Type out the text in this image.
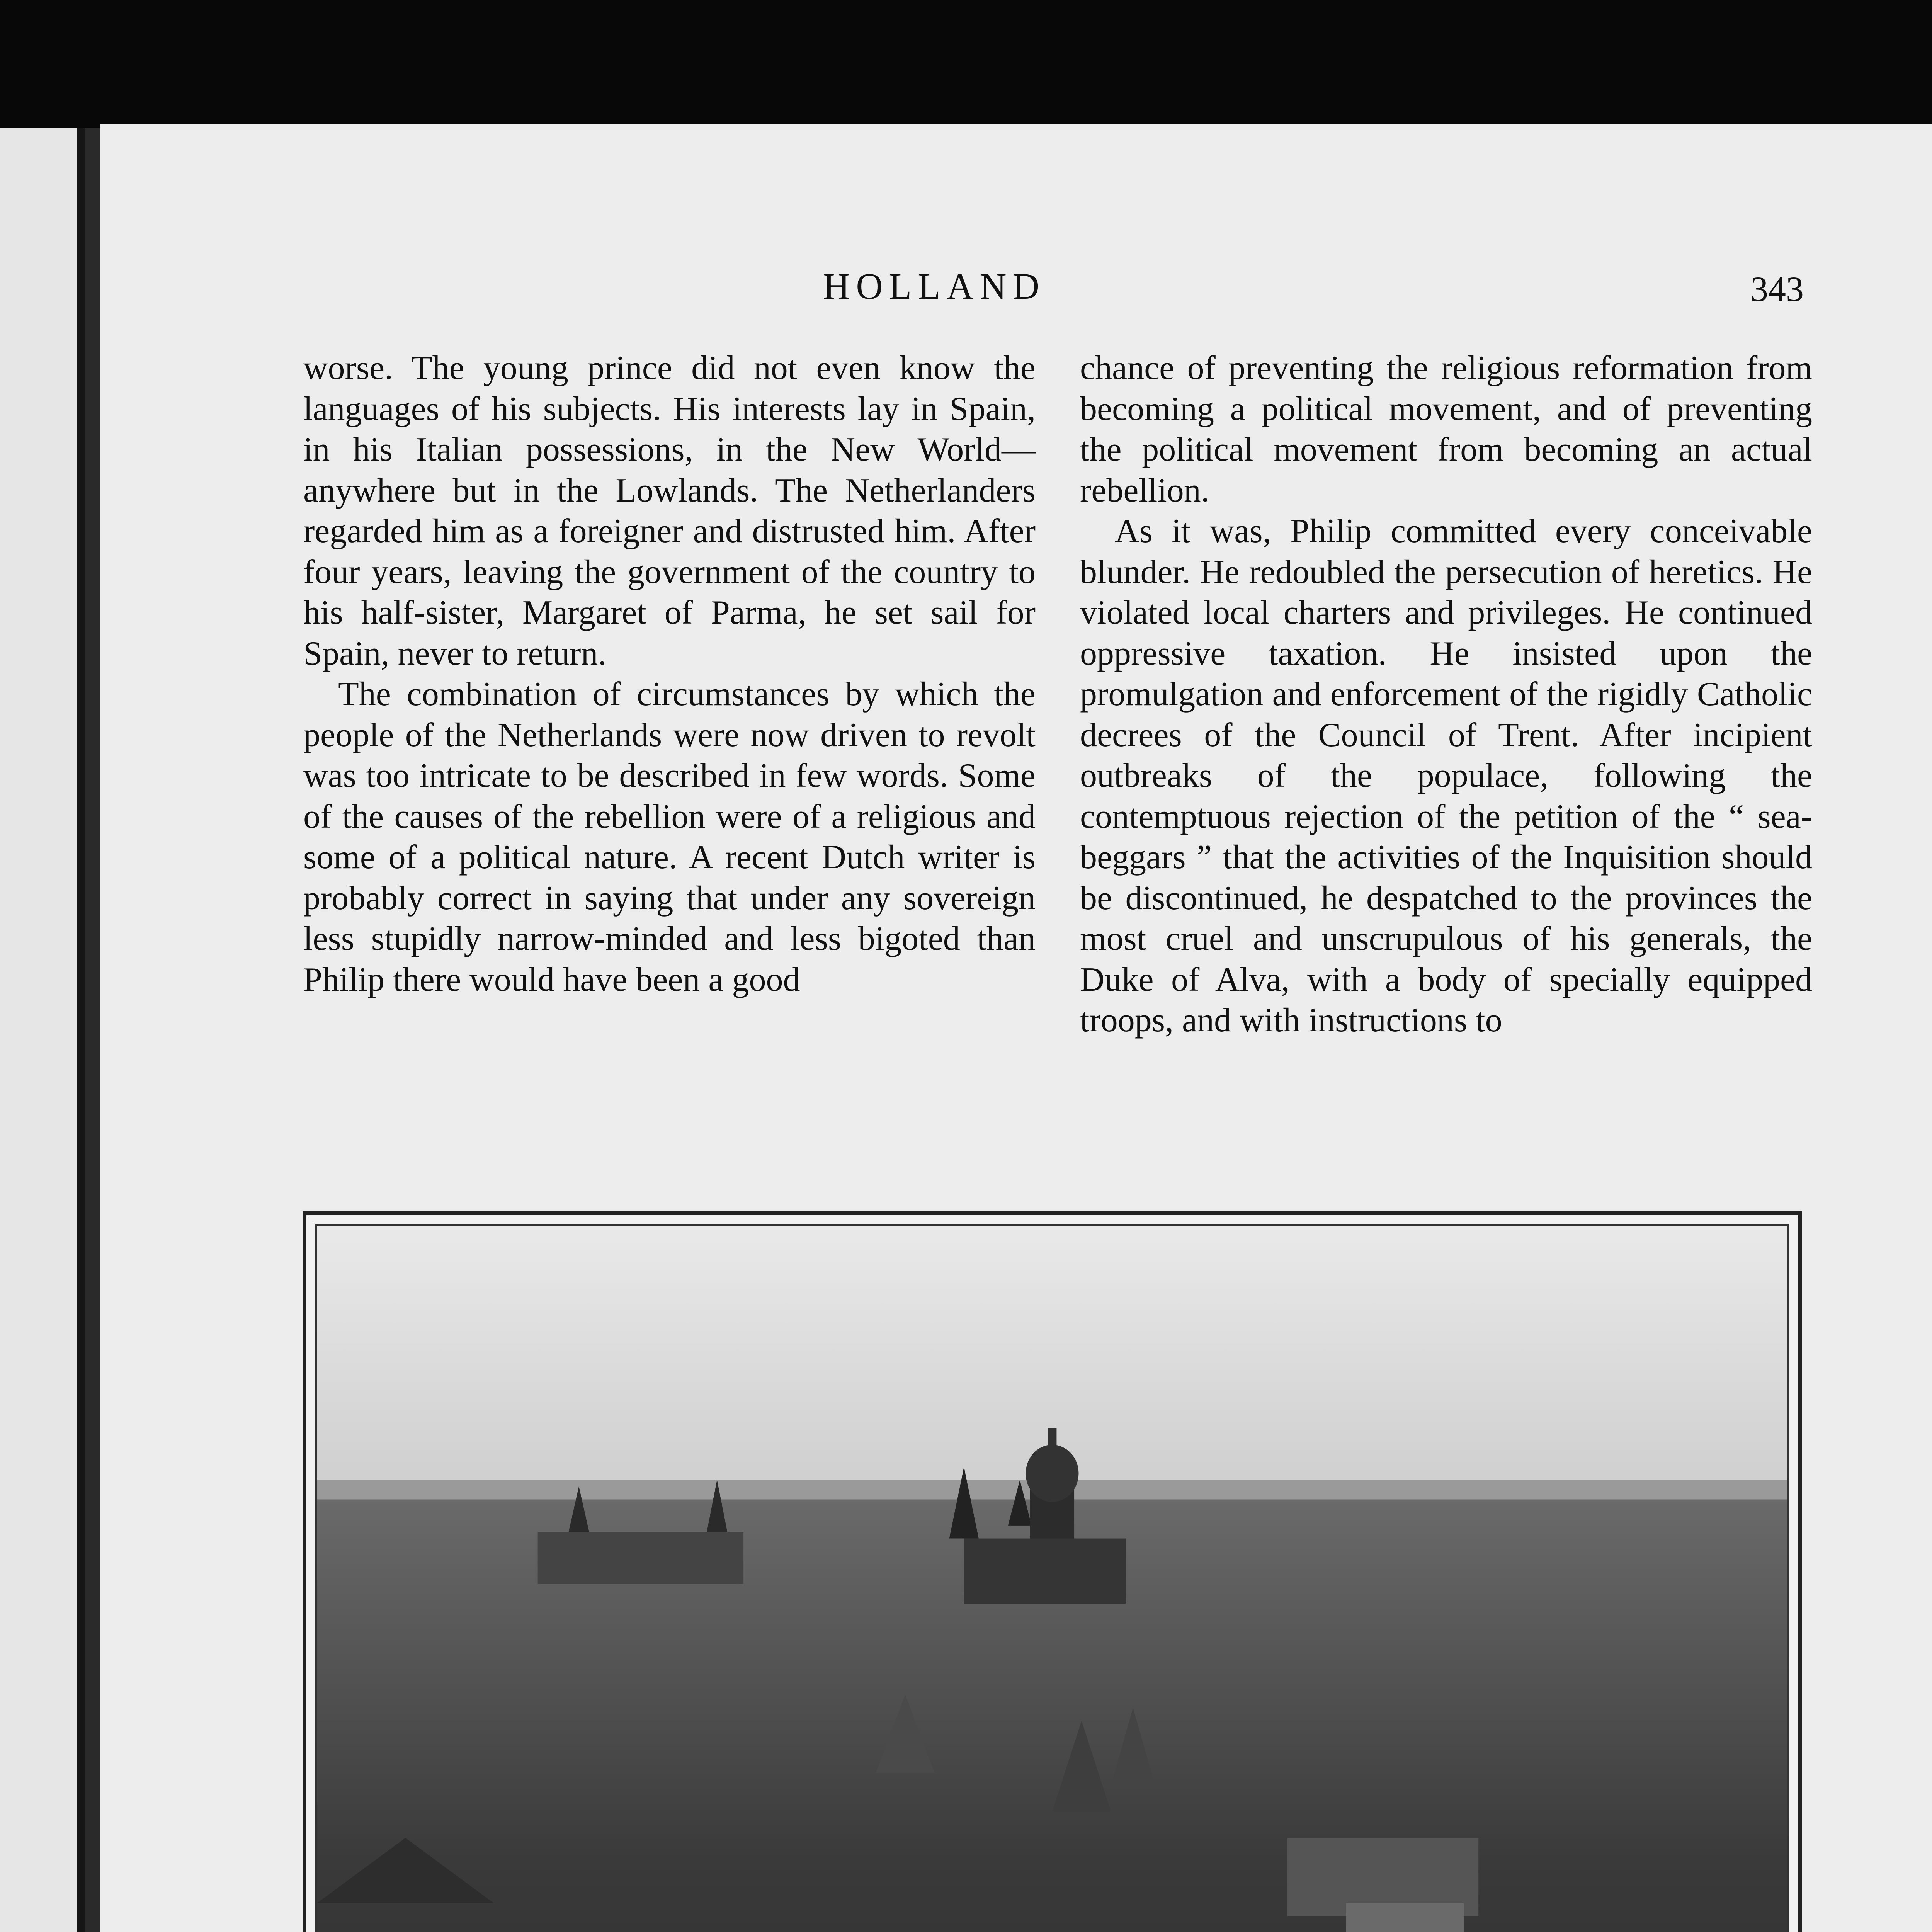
HOLLAND	343

worse. The young prince did not even know the languages of his subjects. His interests lay in Spain, in his Italian possessions, in the New World—anywhere but in the Lowlands. The Netherlanders regarded him as a foreigner and distrusted him. After four years, leaving the government of the country to his half-sister, Margaret of Parma, he set sail for Spain, never to return.

The combination of circumstances by which the people of the Netherlands were now driven to revolt was too intricate to be described in few words. Some of the causes of the rebellion were of a religious and some of a political nature. A recent Dutch writer is probably correct in saying that under any sovereign less stupidly narrow-minded and less bigoted than Philip there would have been a good

chance of preventing the religious reformation from becoming a political movement, and of preventing the political movement from becoming an actual rebellion.

As it was, Philip committed every conceivable blunder. He redoubled the persecution of heretics. He violated local charters and privileges. He continued oppressive taxation. He insisted upon the promulgation and enforcement of the rigidly Catholic decrees of the Council of Trent. After incipient outbreaks of the populace, following the contemptuous rejection of the petition of the “ sea-beggars ” that the activities of the Inquisition should be discontinued, he despatched to the provinces the most cruel and unscrupulous of his generals, the Duke of Alva, with a body of specially equipped troops, and with instructions to
